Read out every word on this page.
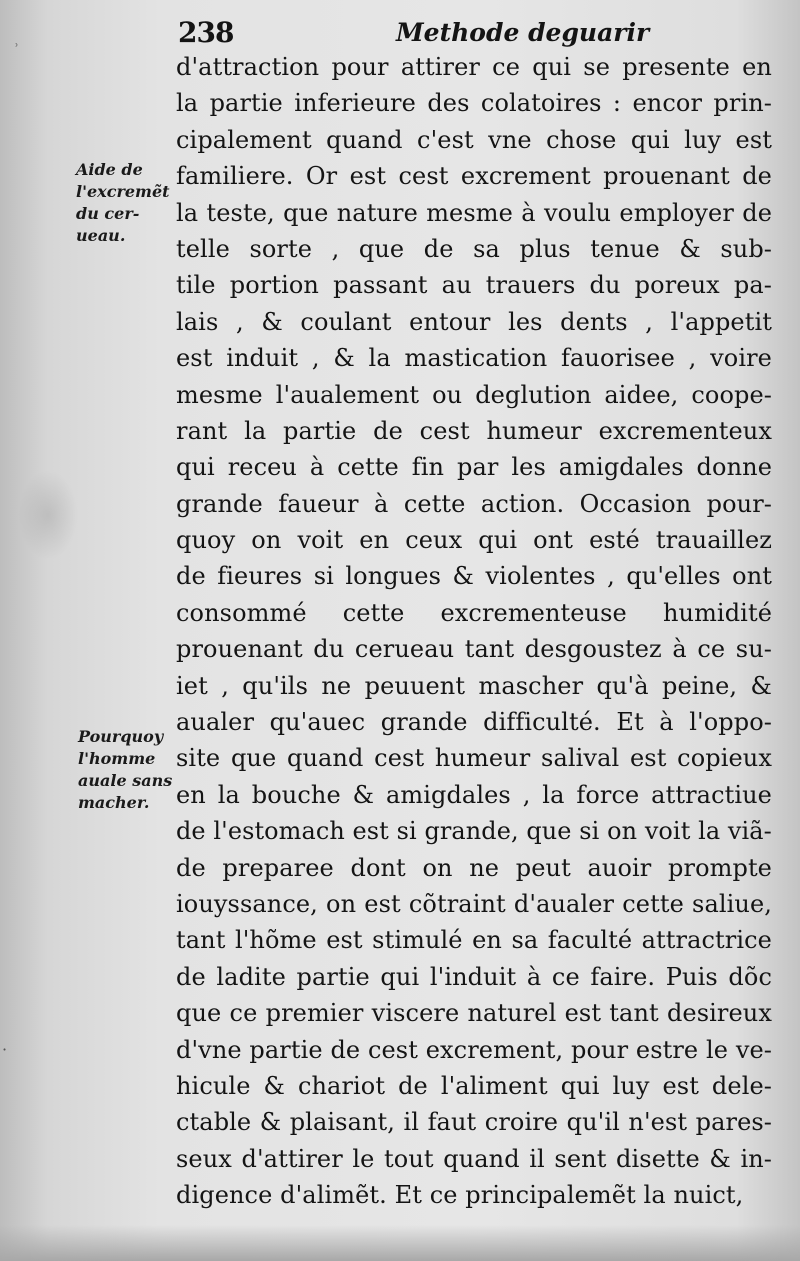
⸒
·
238	Methode deguarir
Aide de
l'excremẽt
du cer-
ueau.
Pourquoy
l'homme
auale sans
macher.
d'attraction pour attirer ce qui se presente en
la partie inferieure des colatoires : encor prin-
cipalement quand c'est vne chose qui luy est
familiere. Or est cest excrement prouenant de
la teste, que nature mesme à voulu employer de
telle sorte , que de sa plus tenue & sub-
tile portion passant au trauers du poreux pa-
lais , & coulant entour les dents , l'appetit
est induit , & la mastication fauorisee , voire
mesme l'aualement ou deglution aidee, coope-
rant la partie de cest humeur excrementeux
qui receu à cette fin par les amigdales donne
grande faueur à cette action. Occasion pour-
quoy on voit en ceux qui ont esté trauaillez
de fieures si longues & violentes , qu'elles ont
consommé cette excrementeuse humidité
prouenant du cerueau tant desgoustez à ce su-
iet , qu'ils ne peuuent mascher qu'à peine, &
aualer qu'auec grande difficulté. Et à l'oppo-
site que quand cest humeur salival est copieux
en la bouche & amigdales , la force attractiue
de l'estomach est si grande, que si on voit la viã-
de preparee dont on ne peut auoir prompte
iouyssance, on est cõtraint d'aualer cette saliue,
tant l'hõme est stimulé en sa faculté attractrice
de ladite partie qui l'induit à ce faire. Puis dõc
que ce premier viscere naturel est tant desireux
d'vne partie de cest excrement, pour estre le ve-
hicule & chariot de l'aliment qui luy est dele-
ctable & plaisant, il faut croire qu'il n'est pares-
seux d'attirer le tout quand il sent disette & in-
digence d'alimẽt. Et ce principalemẽt la nuict,
